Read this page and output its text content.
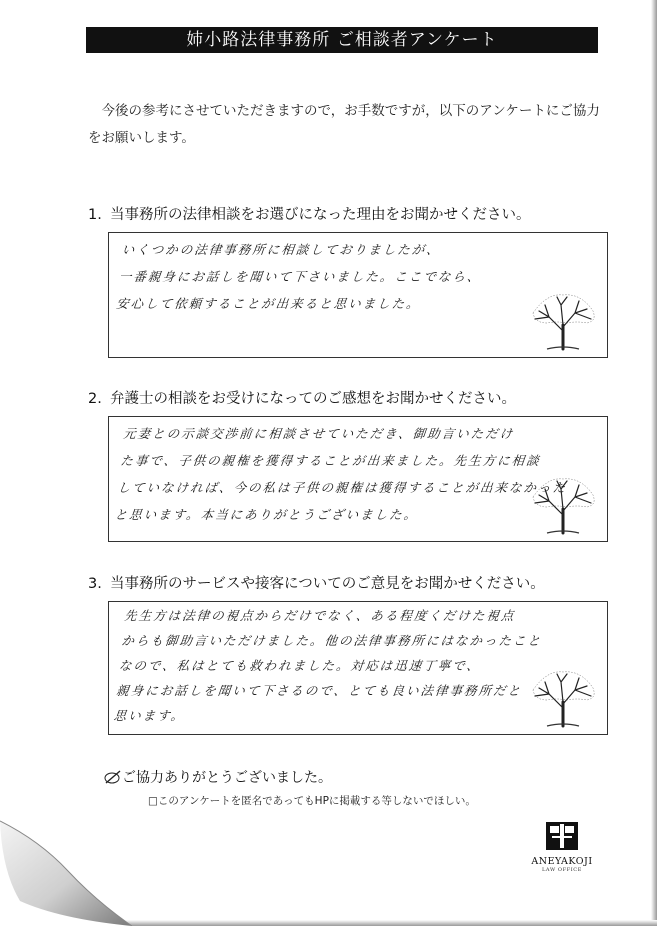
姉小路法律事務所 ご相談者アンケート
今後の参考にさせていただきますので，お手数ですが，以下のアンケートにご協力をお願いします。
1. 当事務所の法律相談をお選びになった理由をお聞かせください。
いくつかの法律事務所に相談しておりましたが、
一番親身にお話しを聞いて下さいました。ここでなら、
安心して依頼することが出来ると思いました。
2. 弁護士の相談をお受けになってのご感想をお聞かせください。
元妻との示談交渉前に相談させていただき、御助言いただけ
た事で、子供の親権を獲得することが出来ました。先生方に相談
していなければ、今の私は子供の親権は獲得することが出来なかった
と思います。本当にありがとうございました。
3. 当事務所のサービスや接客についてのご意見をお聞かせください。
先生方は法律の視点からだけでなく、ある程度くだけた視点
からも御助言いただけました。他の法律事務所にはなかったこと
なので、私はとても救われました。対応は迅速丁寧で、
親身にお話しを聞いて下さるので、とても良い法律事務所だと
思います。
ご協力ありがとうございました。
□このアンケートを匿名であってもHPに掲載する等しないでほしい。
ANEYAKOJI
LAW OFFICE
